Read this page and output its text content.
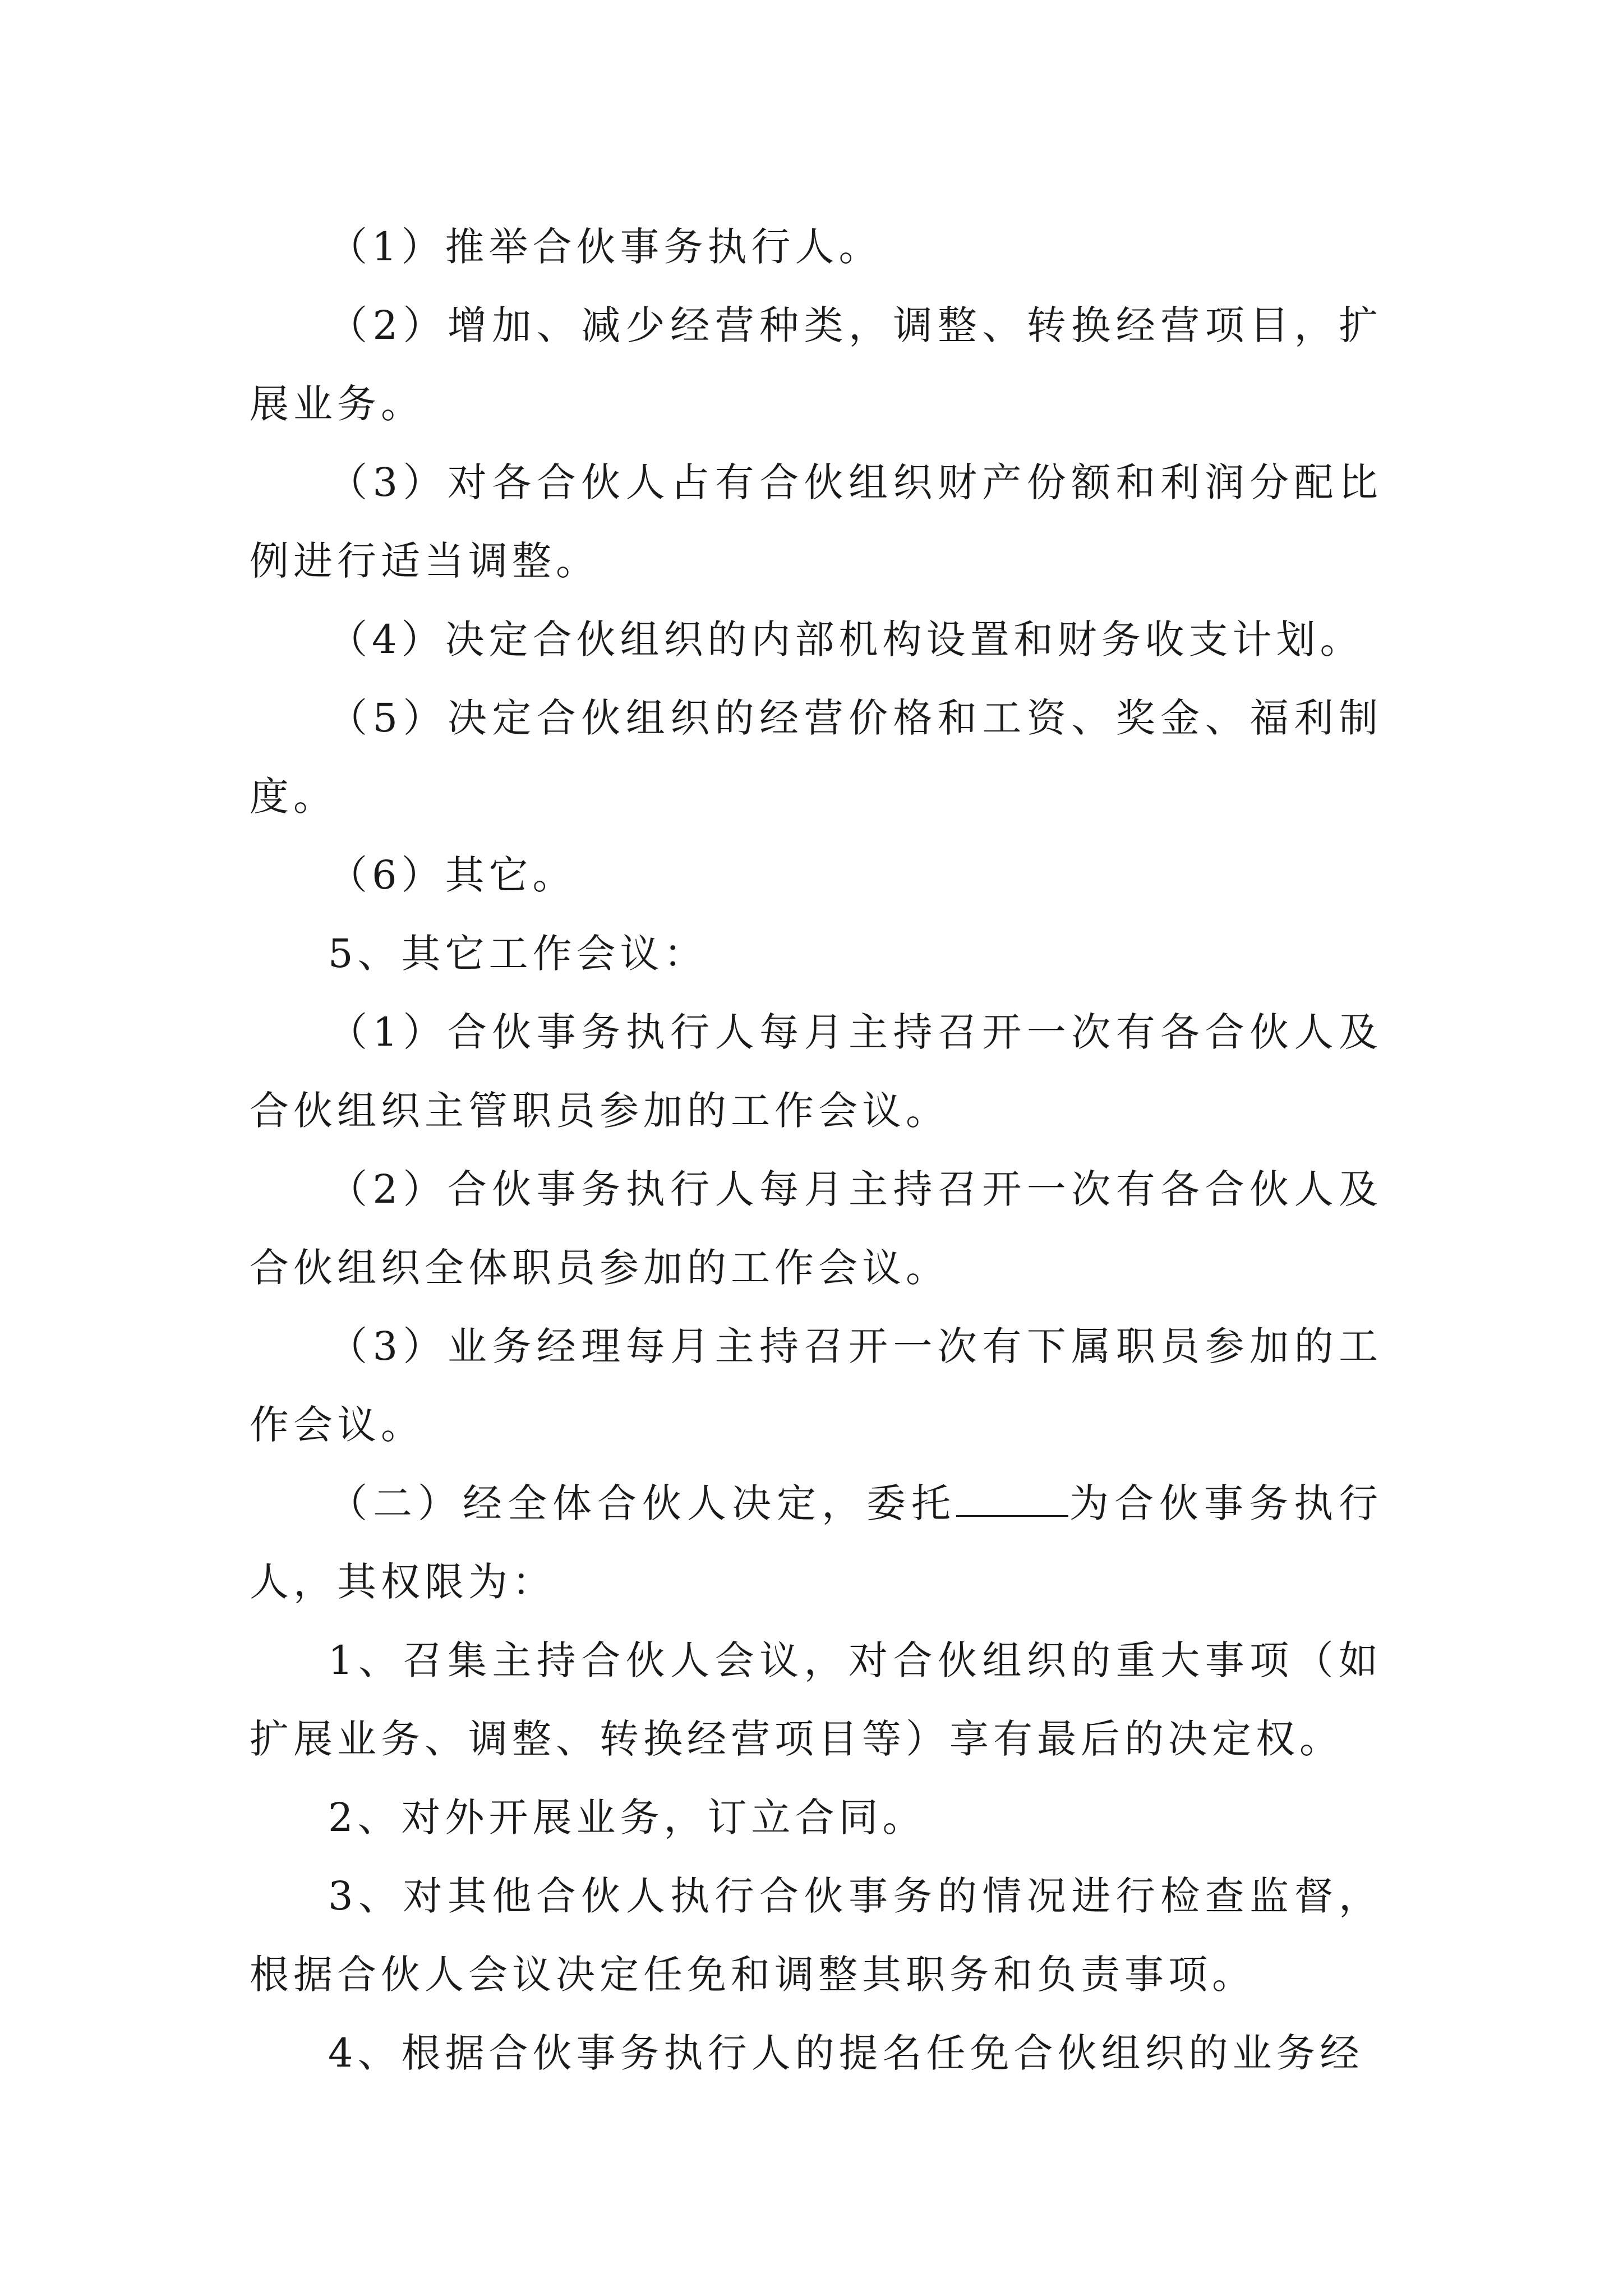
（1）推举合伙事务执行人。

（2）增加、减少经营种类，调整、转换经营项目，扩展业务。

（3）对各合伙人占有合伙组织财产份额和利润分配比例进行适当调整。

（4）决定合伙组织的内部机构设置和财务收支计划。

（5）决定合伙组织的经营价格和工资、奖金、福利制度。

（6）其它。

5、其它工作会议：

（1）合伙事务执行人每月主持召开一次有各合伙人及合伙组织主管职员参加的工作会议。

（2）合伙事务执行人每月主持召开一次有各合伙人及合伙组织全体职员参加的工作会议。

（3）业务经理每月主持召开一次有下属职员参加的工作会议。

（二）经全体合伙人决定，委托	为合伙事务执行人，其权限为：

1、召集主持合伙人会议，对合伙组织的重大事项（如扩展业务、调整、转换经营项目等）享有最后的决定权。

2、对外开展业务，订立合同。

3、对其他合伙人执行合伙事务的情况进行检查监督，根据合伙人会议决定任免和调整其职务和负责事项。

4、根据合伙事务执行人的提名任免合伙组织的业务经
